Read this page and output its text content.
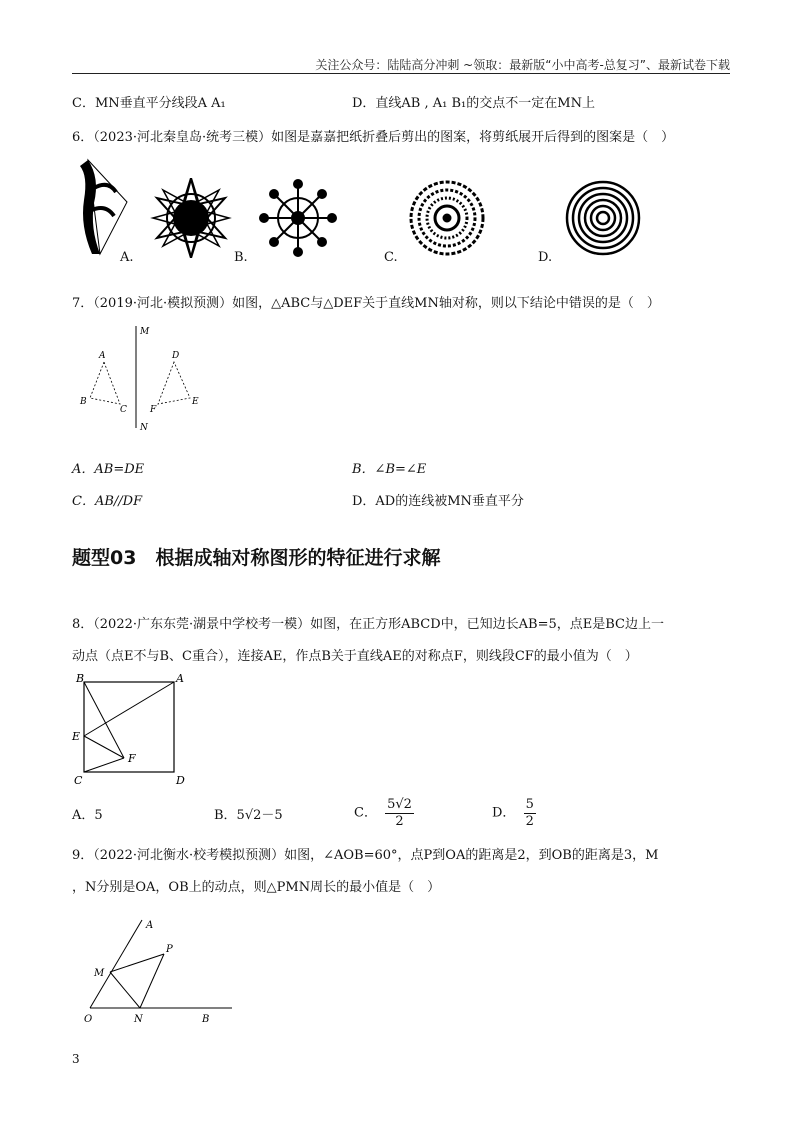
关注公众号：陆陆高分冲刺 ~领取：最新版“小中高考-总复习”、最新试卷下载
C．MN垂直平分线段A A₁	D．直线AB , A₁ B₁的交点不一定在MN上
6．（2023·河北秦皇岛·统考三模）如图是嘉嘉把纸折叠后剪出的图案，将剪纸展开后得到的图案是（　）
A.	B.	C.	D.
7．（2019·河北·模拟预测）如图，△ABC与△DEF关于直线MN轴对称，则以下结论中错误的是（　）
M
N
A
B
C
D
E
F
A．AB=DE	B．∠B=∠E
C．AB//DF	D．AD的连线被MN垂直平分
题型03　根据成轴对称图形的特征进行求解
8．（2022·广东东莞·湖景中学校考一模）如图，在正方形ABCD中，已知边长AB=5，点E是BC边上一
动点（点E不与B、C重合），连接AE，作点B关于直线AE的对称点F，则线段CF的最小值为（　）
B	A
E
F
C	D
A．5	B．5√2－5	C． $\frac{5√2}{2}$	D． $\frac{5}{2}$
9．（2022·河北衡水·校考模拟预测）如图，∠AOB=60°，点P到OA的距离是2，到OB的距离是3，M
，N分别是OA，OB上的动点，则△PMN周长的最小值是（　）
A
P
M
O	N	B
3
